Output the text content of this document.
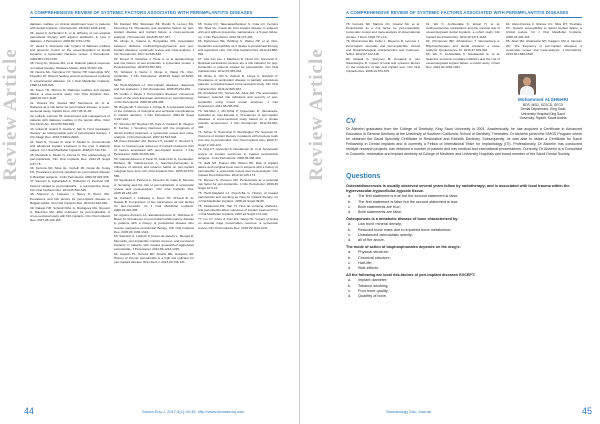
A COMPREHENSIVE REVIEW OF SYSTEMIC FACTORS ASSOCIATED WITH PERIIMPLANTITIS DISEASES
Review Article
diabetes mellitus on clinical attachment level in patients with dental implants. J Periodontol. 2010;81:1335-1342.
36. Javed F, Al-Hezaimi K, et al. Efficacy of non-surgical periodontal therapy with adjunct antibiotics in type 2 diabetes. J Periodontol. 2009;80:1719-1730.
37. Javed F, Romanos GE. Impact of diabetes mellitus and glycemic control on the osseointegration of dental implants: a systematic literature review. J Periodontol. 2009;80:1719-1730.
38. Hong KL, Strauss MA, et al. Diabetic patient response to implant therapy. Diabetes Metab. 2014;25:207-211.
39. Nevins ML, Karimbux NY, Weber HP, Giannobile WV, Fiorellini JP. Wound healing around endosseous implants in experimental diabetes. Int J Oral Maxillofac Implants. 1998;13:620-629.
40. Kwon YD, Mizuno N. Diabetes mellitus and implant failure: a case-control study. Clin Oral Implants Res. 2009;20:1117-1120.
41. Oliveira PG, Soares MM, Mendonca JA, et al. Diabetes as a risk factor for peri-implant disease: a cross-sectional study. Implant Dent. 2017;26:41-46.
42. Lalla E, Lamster IB. Assessment and management of patients with diabetes mellitus in the dental office. Dent Clin North Am. 2012;56:819-829.
43. Gulati M, Anand V, Govila V, Jain N. Host modulation therapy: an indispensable part of perioimplant therapy. J Clin Diagn Res. 2015;9:ZE01-ZE04.
44. Tawil G, Younan R, Azar P, Sleilati G. Conventional and advanced implant treatment in the type II diabetic patient. Int J Oral Maxillofac Implants. 2008;23:744-752.
45. Mombelli A, Muller N, Cionca N. The epidemiology of peri-implantitis. Clin Oral Implants Res. 2012;23 Suppl 6:67-76.
46. Ferreira SD, Silva GL, Cortelli JR, Costa JE, Costa FO. Prevalence and risk variables for peri-implant disease in Brazilian subjects. J Clin Periodontol. 2006;33:929-935.
47. Renvert S, Aghazadeh A, Hallstrom H, Persson GR. Factors related to peri-implantitis - a retrospective study. Clin Oral Implants Res. 2014;25:522-529.
48. Marrone A, Lasserre J, Bercy P, Brecx MC. Prevalence and risk factors for peri-implant disease in Belgian adults. Clin Oral Implants Res. 2013;24:934-940.
49. Dalago HR, Schuldt Filho G, Rodrigues MA, Renvert S, Bianchini MA. Risk indicators for peri-implantitis. A cross-sectional study with 916 implants. Clin Oral Implants Res. 2017;28:144-150.
50. Daubert DM, Weinstein BF, Bordin S, Leroux BG, Flemming TF. Prevalence and predictive factors for peri-implant disease and implant failure: a cross-sectional analysis. J Periodontol. 2015;86:337-347.
51. Monje A, Catena A, Borgnakke WS. Association between diabetes mellitus/hyperglycaemia and peri-implant diseases: systematic review and meta-analysis. J Clin Periodontol. 2017;44:636-648.
52. Dreyer H, Grischke J, Tiede C, et al. Epidemiology and risk factors of peri-implantitis: a systematic review. J Periodontal Res. 2018;53:657-681.
53. Schwarz F, Derks J, Monje A, Wang HL. Peri-implantitis. J Clin Periodontol. 2018;45 Suppl 20:S246-S266.
54. Heitz-Mayfield LJ. Peri-implant diseases: diagnosis and risk indicators. J Clin Periodontol. 2008;35:292-304.
55. Lindhe J, Meyle J. Peri-implant diseases: consensus report of the sixth European workshop on periodontology. J Clin Periodontol. 2008;35:282-285.
56. Berglundh T, Persson L, Klinge B. A systematic review of the incidence of biological and technical complications in implant dentistry. J Clin Periodontol. 2002;29 Suppl 3:197-212.
57. Strietzel FP, Reichart PA, Kale A, Kulkarni M, Wegner B, Kuchler I. Smoking interferes with the prognosis of dental implant treatment: a systematic review and meta-analysis. J Clin Periodontol. 2007;34:523-544.
58. Roos-Jansaker AM, Renvert H, Lindahl C, Renvert S. Nine- to fourteen-year follow-up of implant treatment. Part III: factors associated with peri-implant lesions. J Clin Periodontol. 2006;33:296-301.
59. Galindo-Moreno P, Fauri M, Avila-Ortiz G, Fernandez-Barbero JE, Cabrera-Leon A, Sanchez-Fernandez E. Influence of alcohol and tobacco habits on peri-implant marginal bone loss. Clin Oral Implants Res. 2005;16:579-586.
60. Sgolastra F, Petrucci A, Severino M, Gatto R, Monaco A. Smoking and the risk of peri-implantitis. A systematic review and meta-analysis. Clin Oral Implants Res. 2015;26:e62-e67.
61. Karbach J, Callaway A, Kwon YD, d'Hoedt B, Al-Nawas B. Comparison of five parameters as risk factors for peri-mucositis. Int J Oral Maxillofac Implants. 2009;24:491-496.
62. Aguirre-Zorzano LA, Estefania-Fresco R, Telletxea O, Bravo M. Prevalence of peri-implant inflammatory disease in patients with a history of periodontal disease who receive supportive periodontal therapy. Clin Oral Implants Res. 2015;26:1338-1344.
63. Swierkot K, Lottholz P, Flores-de-Jacoby L, Mengel R. Mucositis, peri-implantitis, implant success, and survival of implants in patients with treated generalized aggressive periodontitis. J Periodontol. 2012;83:1213-1225.
64. Casado PL, Pereira MC, Duarte ME, Granjeiro JM. History of chronic periodontitis is a high risk indicator for peri-implant disease. Braz Dent J. 2013;24:136-141.
65. Costa FO, Takenaka-Martinez S, Cota LO, Ferreira SD, Silva GL, Costa JE. Peri-implant disease in subjects with and without preventive maintenance: a 5-year follow-up. J Clin Periodontol. 2012;39:173-181.
66. Pjetursson BE, Helbling C, Weber HP, et al. Peri-implantitis susceptibility as it relates to periodontal therapy and supportive care. Clin Oral Implants Res. 2012;23:888-894.
67. Cho-Yan Lee J, Mattheos N, Nixon KC, Ivanovski S. Residual periodontal pockets are a risk indicator for peri-implantitis in patients treated for periodontitis. Clin Oral Implants Res. 2012;23:325-333.
68. Rinke S, Ohl S, Ziebolz D, Lange K, Eickholz P. Prevalence of periimplant disease in partially edentulous patients: a practice-based cross-sectional study. Clin Oral Implants Res. 2011;22:826-833.
69. Koldsland OC, Scheie AA, Aass AM. The association between selected risk indicators and severity of peri-implantitis using mixed model analyses. J Clin Periodontol. 2011;38:285-292.
70. Mir-Mari J, Mir-Orfila P, Figueiredo R, Valmaseda-Castellon E, Gay-Escoda C. Prevalence of peri-implant diseases. A cross-sectional study based on a private practice environment. J Clin Periodontol. 2012;39:490-494.
71. Schou S, Holmstrup P, Worthington HV, Esposito M. Outcome of implant therapy in patients with previous tooth loss due to periodontitis. Clin Oral Implants Res. 2006;17 Suppl 2:104-123.
72. Ong CT, Ivanovski S, Needleman IG, et al. Systematic review of implant outcomes in treated periodontitis subjects. J Clin Periodontol. 2008;35:438-462.
73. Safii SH, Palmer RM, Wilson RF. Risk of implant failure and marginal bone loss in subjects with a history of periodontitis: a systematic review and meta-analysis. Clin Implant Dent Relat Res. 2010;12:165-174.
74. Renvert S, Persson GR. Periodontitis as a potential risk factor for peri-implantitis. J Clin Periodontol. 2009;36 Suppl 10:9-14.
75. Heitz-Mayfield LJ, Huynh-Ba G. History of treated periodontitis and smoking as risks for implant therapy. Int J Oral Maxillofac Implants. 2009;24 Suppl:39-68.
76. Klokkevold PR, Han TJ. How do smoking, diabetes, and periodontitis affect outcomes of implant treatment? Int J Oral Maxillofac Implants. 2007;22 Suppl:173-202.
77. Lin CY, Chen Z, Pan WL, Wang HL. Impact of timing on alveolar ridge preservation outcome: a systematic review. Clin Oral Implants Res. 2018;29:1120-1131.
44	Stoma Edu J. 2017;4(1):39-45. http://www.stomaeduj.com
A COMPREHENSIVE REVIEW OF SYSTEMIC FACTORS ASSOCIATED WITH PERIIMPLANTITIS DISEASES
Review Article
78. Ferreira SD, Martins CC, Amaral SA, et al. Periodontitis as a risk factor for peri-implantitis: systematic review and meta-analysis of observational studies. J Dent. 2018;79:1-10.
79. Khammissa RA, Feller L, Meyerov R, Lemmer J. Peri-implant mucositis and peri-implantitis: clinical and histopathological characteristics and treatment. SADJ. 2012;67:122-126.
80. Alsaadi G, Quirynen M, Komarek A, van Steenberghe D. Impact of local and systemic factors on the incidence of late oral implant loss. Clin Oral Implants Res. 2008;19:670-676.
81. Wu X, Al-Abedalla K, Eimar H, et al. Antihypertensive medications and the survival rate of osseointegrated dental implants: a cohort study. Clin Implant Dent Relat Res. 2016;18:1171-1182.
82. Chrcanovic BR, Albrektsson T, Wennerberg A. Bisphosphonates and dental implants: a meta-analysis. Quintessence Int. 2016;47:329-342.
83. Wu X, Al-Abedalla K, Rastikerdar E, et al. Selective serotonin reuptake inhibitors and the risk of osseointegrated implant failure: a cohort study. J Dent Res. 2014;93:1054-1061.
84. Alvim-Pereira F, Montes CC, Mira MT, Trevilatto PC. Genetic susceptibility to dental implant failure: a critical review. Int J Oral Maxillofac Implants. 2008;23:409-416.
85. Atieh MA, Alsabeeha NH, Faggion CM Jr, Duncan WJ. The frequency of peri-implant diseases: a systematic review and meta-analysis. J Periodontol. 2013;84:1586-1598.
Mohammed ALSHEHRI
BDS, MSD, SCSCD, SFCD
Dental Department, King Saud
University Hospital King Saud
University, Riyadh, Saudi Arabia
CV
Dr Alshehri graduated from the College of Dentistry, King Saud University in 2001. Academically, he has acquired a Certificate in Advanced Education in General Dentistry at the University of Southern California, School of Dentistry. Thereafter, Dr Alshehri joined the DMGS Program where he obtained the Saudi Specialty Certificate in Restorative and Esthetic Dentistry. Subsequently, he was able to obtain a Certificate for Saudi Fellowship in Dental Implants and is currently a Fellow of International Team for Implantology (ITI). Professionally, Dr Alshehri has conducted multiple research projects, has obtained a number of patents and has medical and international presentations. Currently, Dr Alshehri is a Consultant in Cosmetic, restorative and implant dentistry at College of Medicine and University Hospitals and board member of the Saudi Dental Society.
Questions
Osteoradionecrosis is usually observed several years follow by radiotherapy; and is associated with local trauma within the hypervascular-hypocellular-hypoxic tissue.
a. The first statement is true but the second statement is false;
b. The first statement is false but the second statement is true;
c. Both statements are true;
d. Both statements are false.
Osteoporosis is a metabolic disease of bone characterized by:
a. Low bone mineral density;
b. Reduced bone mass due to impaired bone metabolism;
c. Unbalanced osteoclastic activity;
d. all of the above.
The mode of action of bisphosphonates depends on the drug's:
a. Physical structure;
b. Chemical structure;
c. Half-life;
d. Side-effects.
All the following are local risk-factors of peri-implant diseases EXCEPT:
a. Implant diameter;
b. Tobacco smoking;
c. Poor bone quality;
d. Quantity of bone.
45
Stomatology Edu Journal
